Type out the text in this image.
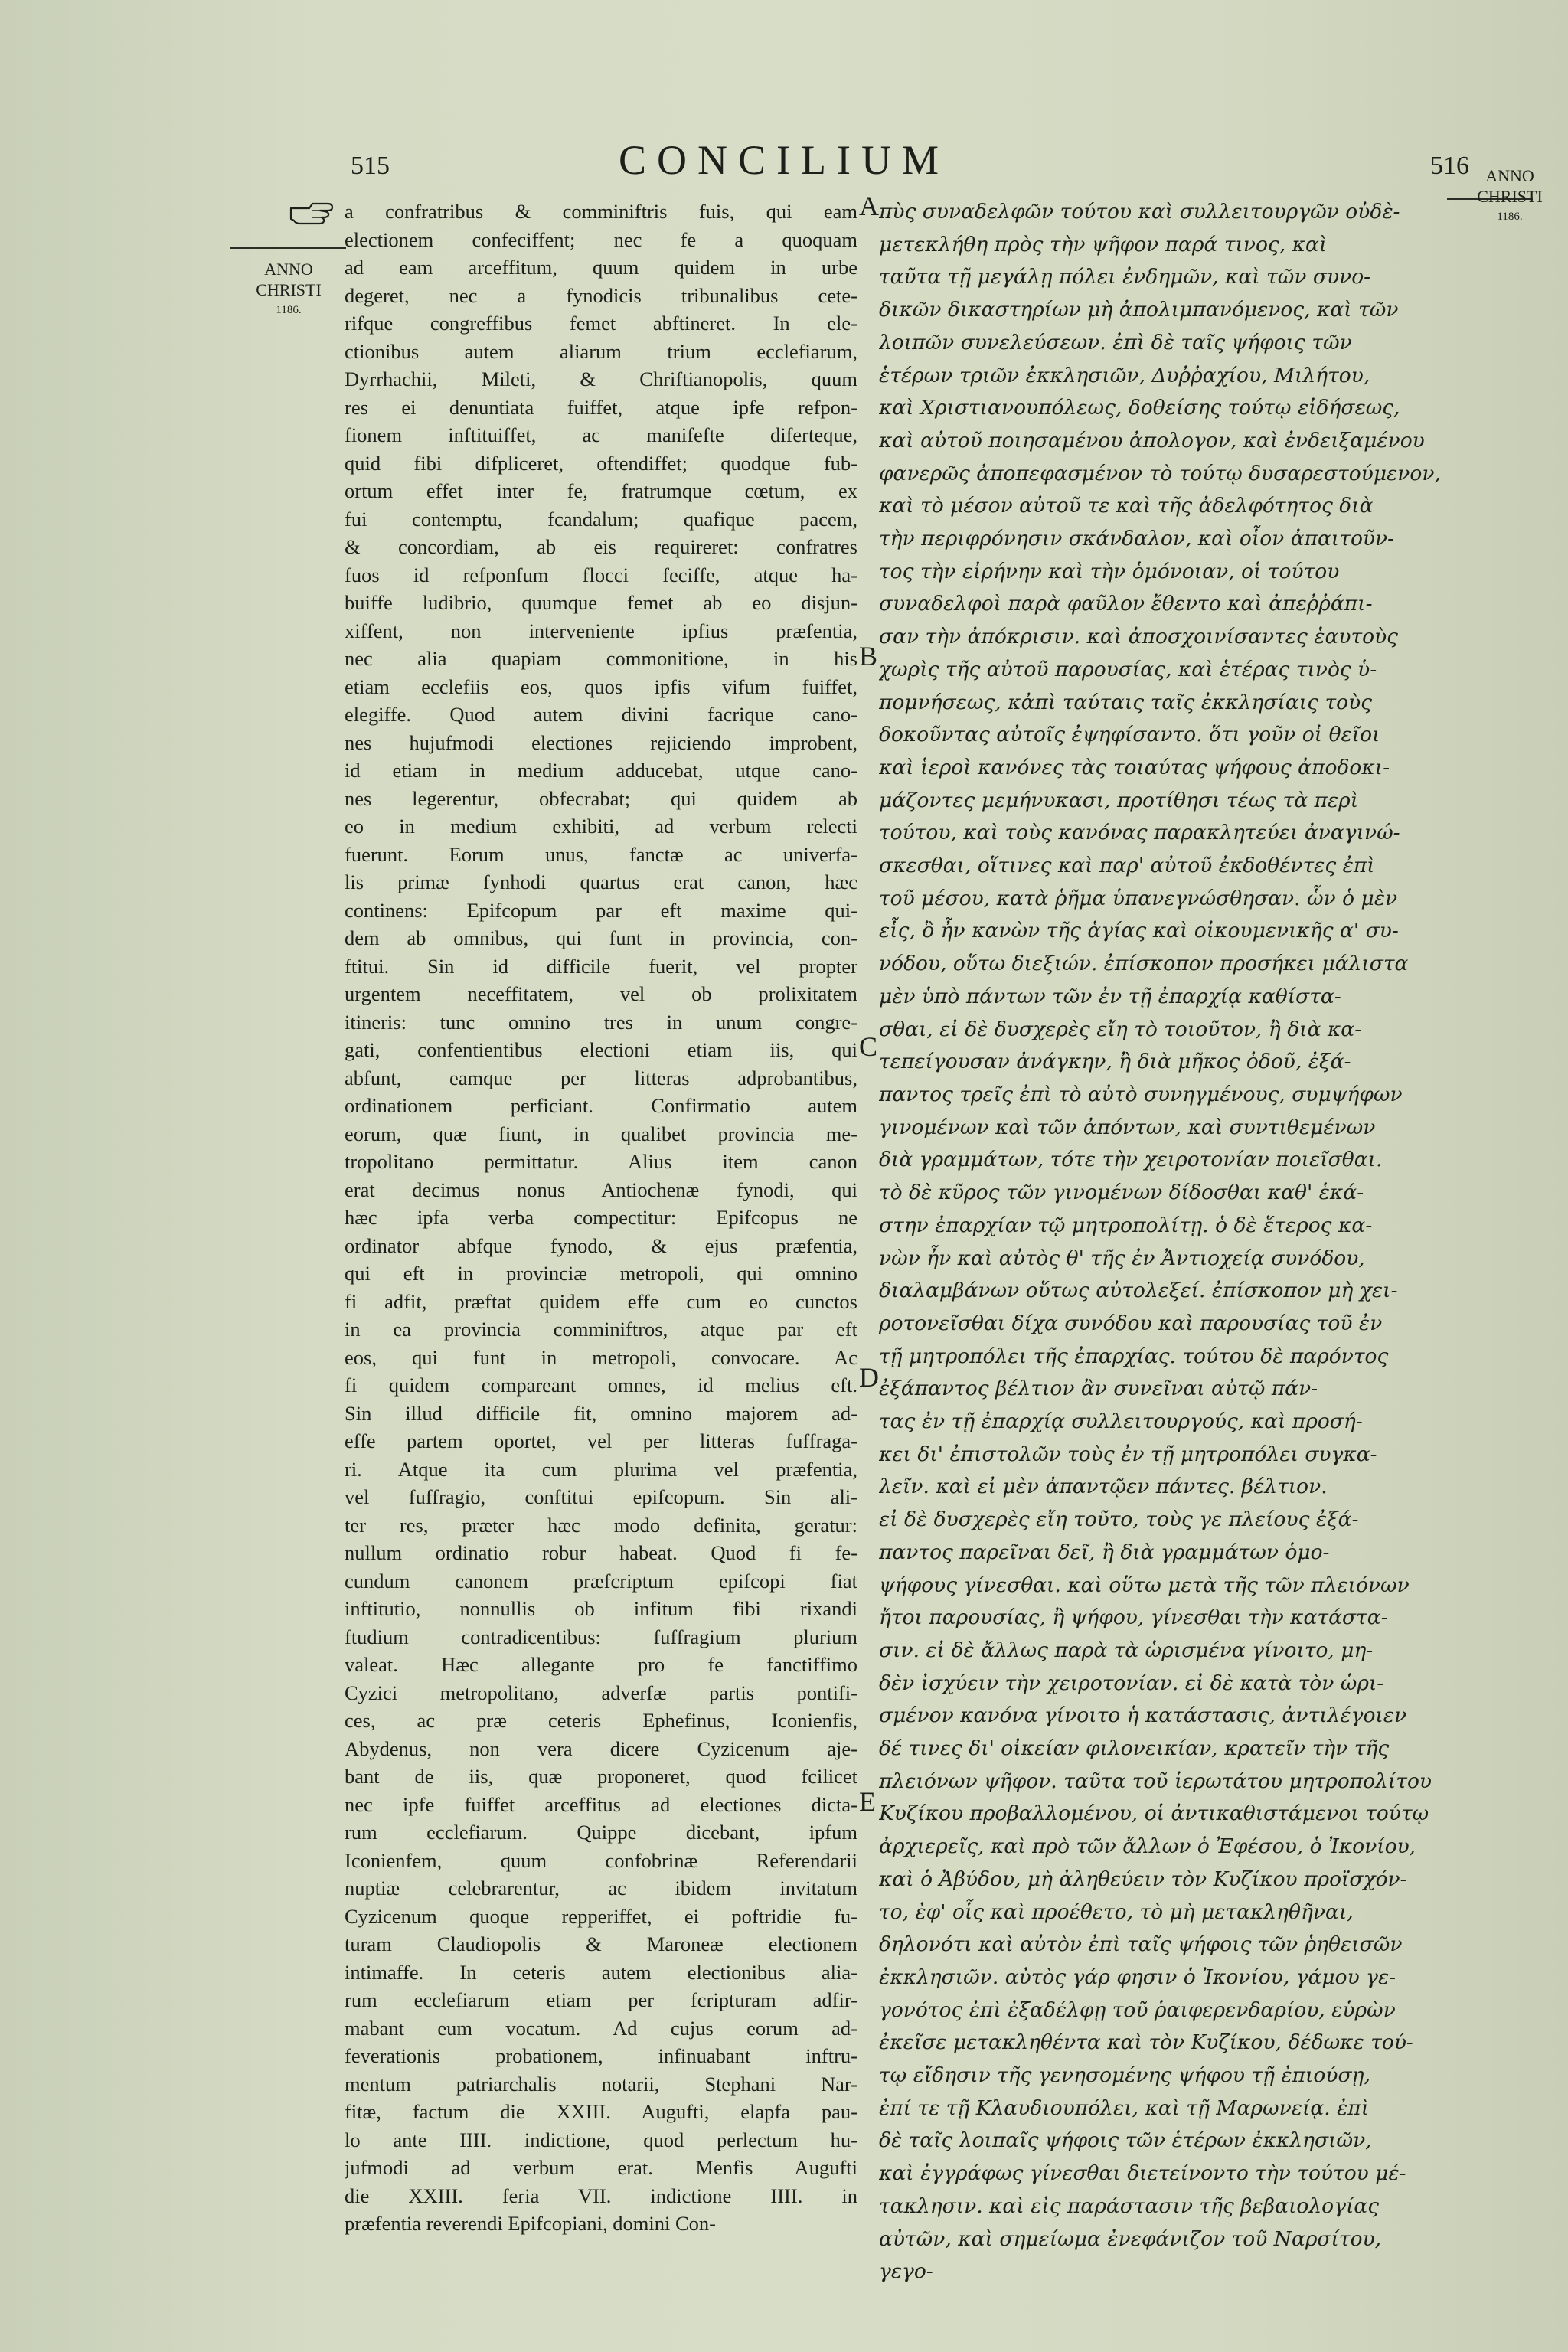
515	CONCILIUM	516
ANNO
CHRISTI
1186.
ANNO
CHRISTI
1186.
a confratribus & comminiftris fuis, qui eam
electionem confeciffent; nec fe a quoquam
ad eam arceffitum, quum quidem in urbe
degeret, nec a fynodicis tribunalibus cete-
rifque congreffibus femet abftineret. In ele-
ctionibus autem aliarum trium ecclefiarum,
Dyrrhachii, Mileti, & Chriftianopolis, quum
res ei denuntiata fuiffet, atque ipfe refpon-
fionem inftituiffet, ac manifefte diferteque,
quid fibi difpliceret, oftendiffet; quodque fub-
ortum effet inter fe, fratrumque cœtum, ex
fui contemptu, fcandalum; quafique pacem,
& concordiam, ab eis requireret: confratres
fuos id refponfum flocci feciffe, atque ha-
buiffe ludibrio, quumque femet ab eo disjun-
xiffent, non interveniente ipfius præfentia,
nec alia quapiam commonitione, in his
etiam ecclefiis eos, quos ipfis vifum fuiffet,
elegiffe. Quod autem divini facrique cano-
nes hujufmodi electiones rejiciendo improbent,
id etiam in medium adducebat, utque cano-
nes legerentur, obfecrabat; qui quidem ab
eo in medium exhibiti, ad verbum relecti
fuerunt. Eorum unus, fanctæ ac univerfa-
lis primæ fynhodi quartus erat canon, hæc
continens: Epifcopum par eft maxime qui-
dem ab omnibus, qui funt in provincia, con-
ftitui. Sin id difficile fuerit, vel propter
urgentem neceffitatem, vel ob prolixitatem
itineris: tunc omnino tres in unum congre-
gati, confentientibus electioni etiam iis, qui
abfunt, eamque per litteras adprobantibus,
ordinationem perficiant. Confirmatio autem
eorum, quæ fiunt, in qualibet provincia me-
tropolitano permittatur. Alius item canon
erat decimus nonus Antiochenæ fynodi, qui
hæc ipfa verba compectitur: Epifcopus ne
ordinator abfque fynodo, & ejus præfentia,
qui eft in provinciæ metropoli, qui omnino
fi adfit, præftat quidem effe cum eo cunctos
in ea provincia comminiftros, atque par eft
eos, qui funt in metropoli, convocare. Ac
fi quidem compareant omnes, id melius eft.
Sin illud difficile fit, omnino majorem ad-
effe partem oportet, vel per litteras fuffraga-
ri. Atque ita cum plurima vel præfentia,
vel fuffragio, conftitui epifcopum. Sin ali-
ter res, præter hæc modo definita, geratur:
nullum ordinatio robur habeat. Quod fi fe-
cundum canonem præfcriptum epifcopi fiat
inftitutio, nonnullis ob infitum fibi rixandi
ftudium contradicentibus: fuffragium plurium
valeat. Hæc allegante pro fe fanctiffimo
Cyzici metropolitano, adverfæ partis pontifi-
ces, ac præ ceteris Ephefinus, Iconienfis,
Abydenus, non vera dicere Cyzicenum aje-
bant de iis, quæ proponeret, quod fcilicet
nec ipfe fuiffet arceffitus ad electiones dicta-
rum ecclefiarum. Quippe dicebant, ipfum
Iconienfem, quum confobrinæ Referendarii
nuptiæ celebrarentur, ac ibidem invitatum
Cyzicenum quoque repperiffet, ei poftridie fu-
turam Claudiopolis & Maroneæ electionem
intimaffe. In ceteris autem electionibus alia-
rum ecclefiarum etiam per fcripturam adfir-
mabant eum vocatum. Ad cujus eorum ad-
feverationis probationem, infinuabant inftru-
mentum patriarchalis notarii, Stephani Nar-
fitæ, factum die XXIII. Augufti, elapfa pau-
lo ante IIII. indictione, quod perlectum hu-
jufmodi ad verbum erat. Menfis Augufti
die XXIII. feria VII. indictione IIII. in
præfentia reverendi Epifcopiani, domini Con-
πὺς συναδελφῶν τούτου καὶ συλλειτουργῶν οὐδὲ-
μετεκλήθη πρὸς τὴν ψῆφον παρά τινος, καὶ
ταῦτα τῇ μεγάλῃ πόλει ἐνδημῶν, καὶ τῶν συνο-
δικῶν δικαστηρίων μὴ ἀπολιμπανόμενος, καὶ τῶν
λοιπῶν συνελεύσεων. ἐπὶ δὲ ταῖς ψήφοις τῶν
ἑτέρων τριῶν ἐκκλησιῶν, Δυῤῥαχίου, Μιλήτου,
καὶ Χριστιανουπόλεως, δοθείσης τούτῳ εἰδήσεως,
καὶ αὐτοῦ ποιησαμένου ἀπολογον, καὶ ἐνδειξαμένου
φανερῶς ἀποπεφασμένον τὸ τούτῳ δυσαρεστούμενον,
καὶ τὸ μέσον αὐτοῦ τε καὶ τῆς ἀδελφότητος διὰ
τὴν περιφρόνησιν σκάνδαλον, καὶ οἷον ἀπαιτοῦν-
τος τὴν εἰρήνην καὶ τὴν ὁμόνοιαν, οἱ τούτου
συναδελφοὶ παρὰ φαῦλον ἔθεντο καὶ ἀπεῤῥάπι-
σαν τὴν ἀπόκρισιν. καὶ ἀποσχοινίσαντες ἑαυτοὺς
χωρὶς τῆς αὐτοῦ παρουσίας, καὶ ἑτέρας τινὸς ὑ-
πομνήσεως, κἀπὶ ταύταις ταῖς ἐκκλησίαις τοὺς
δοκοῦντας αὐτοῖς ἐψηφίσαντο. ὅτι γοῦν οἱ θεῖοι
καὶ ἱεροὶ κανόνες τὰς τοιαύτας ψήφους ἀποδοκι-
μάζοντες μεμήνυκασι, προτίθησι τέως τὰ περὶ
τούτου, καὶ τοὺς κανόνας παρακλητεύει ἀναγινώ-
σκεσθαι, οἵτινες καὶ παρ' αὐτοῦ ἐκδοθέντες ἐπὶ
τοῦ μέσου, κατὰ ῥῆμα ὑπανεγνώσθησαν. ὧν ὁ μὲν
εἷς, ὃ ἦν κανὼν τῆς ἁγίας καὶ οἰκουμενικῆς α' συ-
νόδου, οὕτω διεξιών. ἐπίσκοπον προσήκει μάλιστα
μὲν ὑπὸ πάντων τῶν ἐν τῇ ἐπαρχίᾳ καθίστα-
σθαι, εἰ δὲ δυσχερὲς εἴη τὸ τοιοῦτον, ἢ διὰ κα-
τεπείγουσαν ἀνάγκην, ἢ διὰ μῆκος ὁδοῦ, ἐξά-
παντος τρεῖς ἐπὶ τὸ αὐτὸ συνηγμένους, συμψήφων
γινομένων καὶ τῶν ἀπόντων, καὶ συντιθεμένων
διὰ γραμμάτων, τότε τὴν χειροτονίαν ποιεῖσθαι.
τὸ δὲ κῦρος τῶν γινομένων δίδοσθαι καθ' ἑκά-
στην ἐπαρχίαν τῷ μητροπολίτῃ. ὁ δὲ ἕτερος κα-
νὼν ἦν καὶ αὐτὸς θ' τῆς ἐν Ἀντιοχείᾳ συνόδου,
διαλαμβάνων οὕτως αὐτολεξεί. ἐπίσκοπον μὴ χει-
ροτονεῖσθαι δίχα συνόδου καὶ παρουσίας τοῦ ἐν
τῇ μητροπόλει τῆς ἐπαρχίας. τούτου δὲ παρόντος
ἐξάπαντος βέλτιον ἂν συνεῖναι αὐτῷ πάν-
τας ἐν τῇ ἐπαρχίᾳ συλλειτουργούς, καὶ προσή-
κει δι' ἐπιστολῶν τοὺς ἐν τῇ μητροπόλει συγκα-
λεῖν. καὶ εἰ μὲν ἀπαντῷεν πάντες. βέλτιον.
εἰ δὲ δυσχερὲς εἴη τοῦτο, τοὺς γε πλείους ἐξά-
παντος παρεῖναι δεῖ, ἢ διὰ γραμμάτων ὁμο-
ψήφους γίνεσθαι. καὶ οὕτω μετὰ τῆς τῶν πλειόνων
ἤτοι παρουσίας, ἢ ψήφου, γίνεσθαι τὴν κατάστα-
σιν. εἰ δὲ ἄλλως παρὰ τὰ ὡρισμένα γίνοιτο, μη-
δὲν ἰσχύειν τὴν χειροτονίαν. εἰ δὲ κατὰ τὸν ὡρι-
σμένον κανόνα γίνοιτο ἡ κατάστασις, ἀντιλέγοιεν
δέ τινες δι' οἰκείαν φιλονεικίαν, κρατεῖν τὴν τῆς
πλειόνων ψῆφον. ταῦτα τοῦ ἱερωτάτου μητροπολίτου
Κυζίκου προβαλλομένου, οἱ ἀντικαθιστάμενοι τούτῳ
ἀρχιερεῖς, καὶ πρὸ τῶν ἄλλων ὁ Ἐφέσου, ὁ Ἰκονίου,
καὶ ὁ Ἀβύδου, μὴ ἀληθεύειν τὸν Κυζίκου προϊσχόν-
το, ἐφ' οἷς καὶ προέθετο, τὸ μὴ μετακληθῆναι,
δηλονότι καὶ αὐτὸν ἐπὶ ταῖς ψήφοις τῶν ῥηθεισῶν
ἐκκλησιῶν. αὐτὸς γάρ φησιν ὁ Ἰκονίου, γάμου γε-
γονότος ἐπὶ ἐξαδέλφῃ τοῦ ῥαιφερενδαρίου, εὑρὼν
ἐκεῖσε μετακληθέντα καὶ τὸν Κυζίκου, δέδωκε τού-
τῳ εἴδησιν τῆς γενησομένης ψήφου τῇ ἐπιούσῃ,
ἐπί τε τῇ Κλαυδιουπόλει, καὶ τῇ Μαρωνείᾳ. ἐπὶ
δὲ ταῖς λοιπαῖς ψήφοις τῶν ἑτέρων ἐκκλησιῶν,
καὶ ἐγγράφως γίνεσθαι διετείνοντο τὴν τούτου μέ-
τακλησιν. καὶ εἰς παράστασιν τῆς βεβαιολογίας
αὐτῶν, καὶ σημείωμα ἐνεφάνιζον τοῦ Ναρσίτου,
γεγο-
A
B
C
D
E
